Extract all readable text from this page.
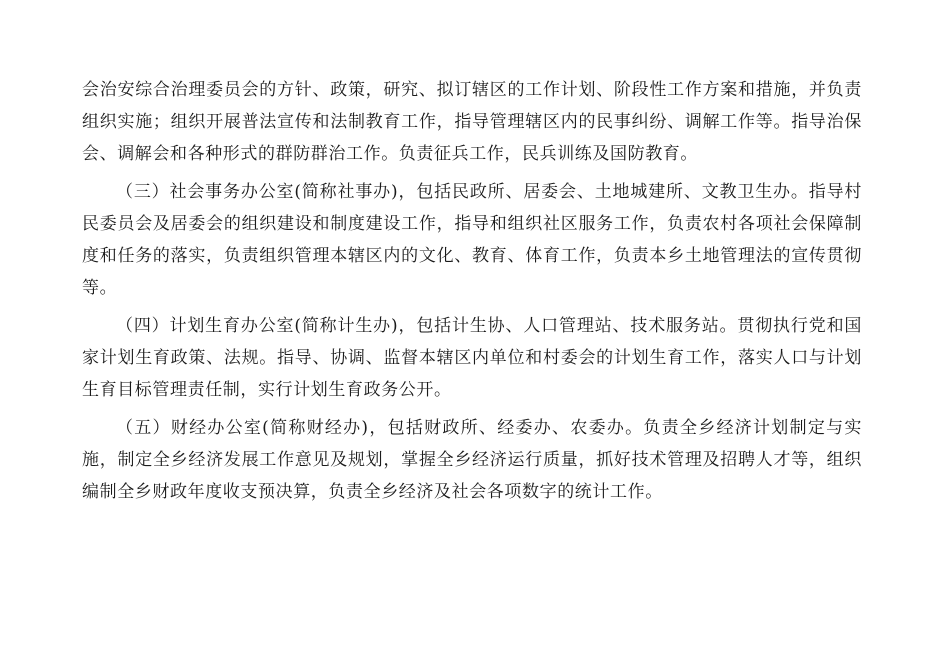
会治安综合治理委员会的方针、政策，研究、拟订辖区的工作计划、阶段性工作方案和措施，并负责组织实施；组织开展普法宣传和法制教育工作，指导管理辖区内的民事纠纷、调解工作等。指导治保会、调解会和各种形式的群防群治工作。负责征兵工作，民兵训练及国防教育。

（三）社会事务办公室(简称社事办)，包括民政所、居委会、土地城建所、文教卫生办。指导村民委员会及居委会的组织建设和制度建设工作，指导和组织社区服务工作，负责农村各项社会保障制度和任务的落实，负责组织管理本辖区内的文化、教育、体育工作，负责本乡土地管理法的宣传贯彻等。

（四）计划生育办公室(简称计生办)，包括计生协、人口管理站、技术服务站。贯彻执行党和国家计划生育政策、法规。指导、协调、监督本辖区内单位和村委会的计划生育工作，落实人口与计划生育目标管理责任制，实行计划生育政务公开。

（五）财经办公室(简称财经办)，包括财政所、经委办、农委办。负责全乡经济计划制定与实施，制定全乡经济发展工作意见及规划，掌握全乡经济运行质量，抓好技术管理及招聘人才等，组织编制全乡财政年度收支预决算，负责全乡经济及社会各项数字的统计工作。
